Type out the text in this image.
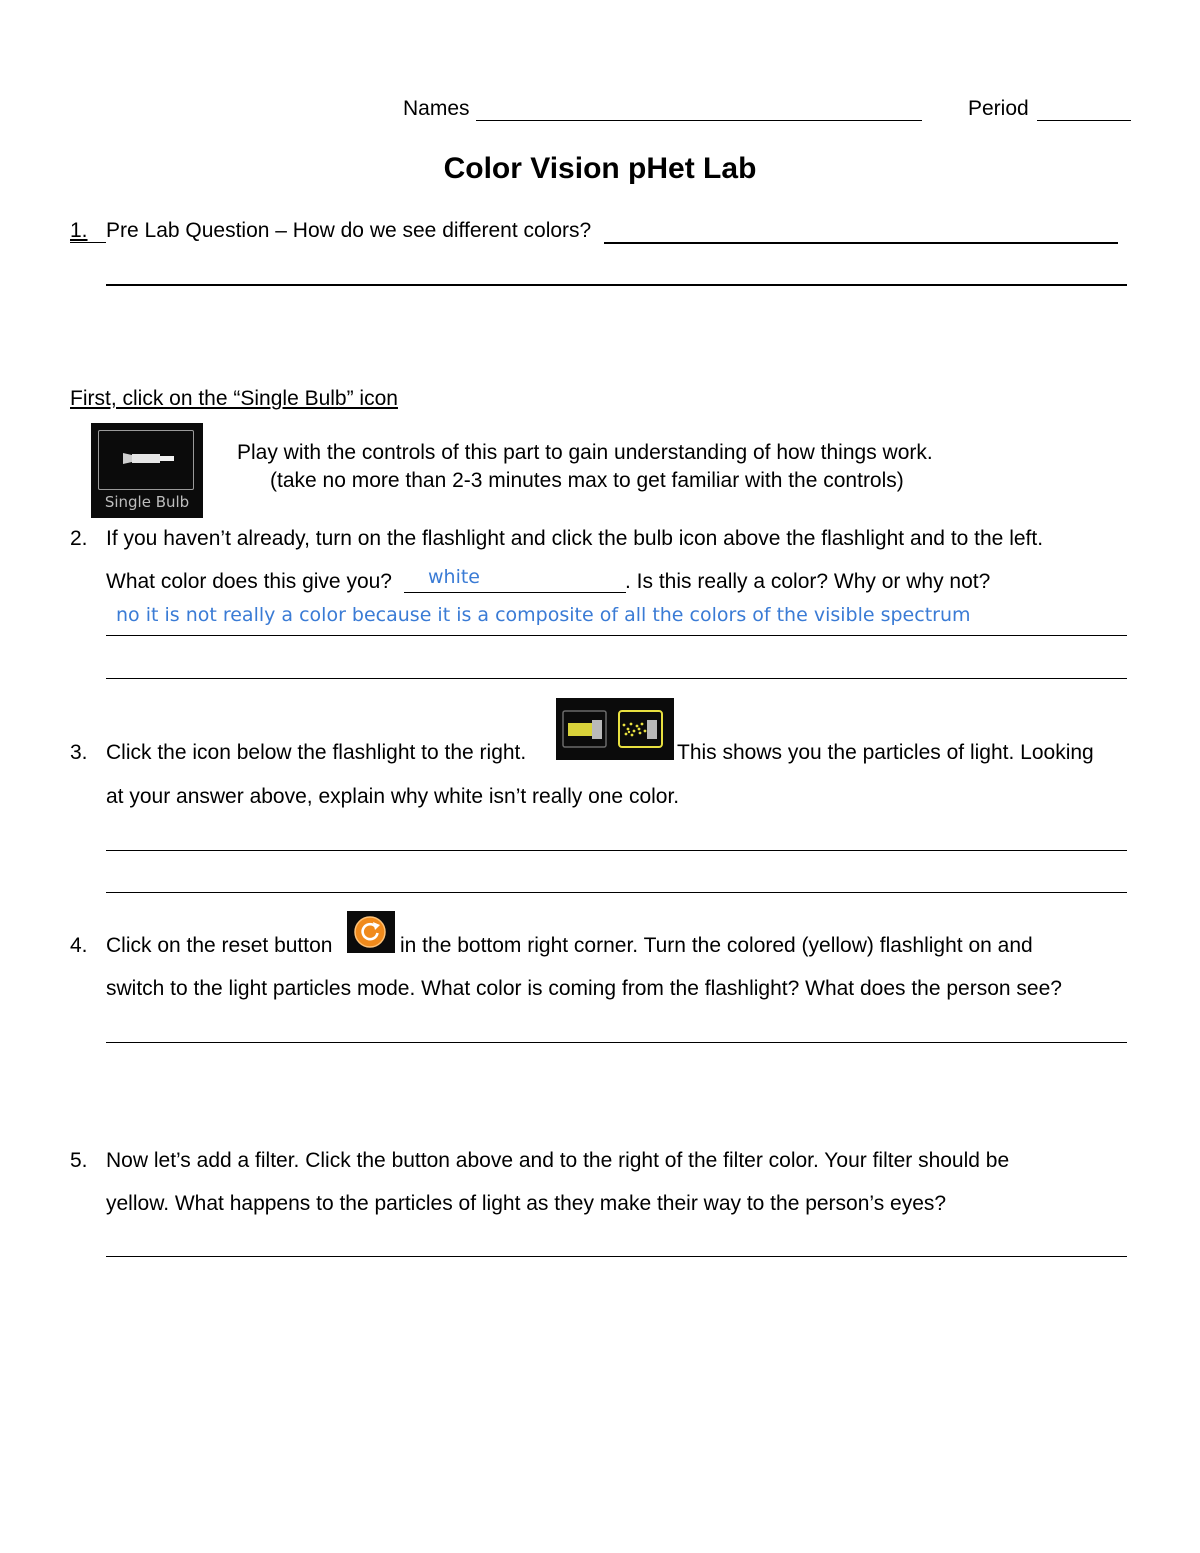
Names	Period
Color Vision pHet Lab
1. Pre Lab Question – How do we see different colors?
First, click on the “Single Bulb” icon
Single Bulb
Play with the controls of this part to gain understanding of how things work.
(take no more than 2-3 minutes max to get familiar with the controls)
2. If you haven’t already, turn on the flashlight and click the bulb icon above the flashlight and to the left.
What color does this give you? white	. Is this really a color? Why or why not?
no it is not really a color because it is a composite of all the colors of the visible spectrum
3. Click the icon below the flashlight to the right.	This shows you the particles of light. Looking
at your answer above, explain why white isn’t really one color.
4. Click on the reset button	in the bottom right corner. Turn the colored (yellow) flashlight on and
switch to the light particles mode. What color is coming from the flashlight? What does the person see?
5. Now let’s add a filter. Click the button above and to the right of the filter color. Your filter should be
yellow. What happens to the particles of light as they make their way to the person’s eyes?
